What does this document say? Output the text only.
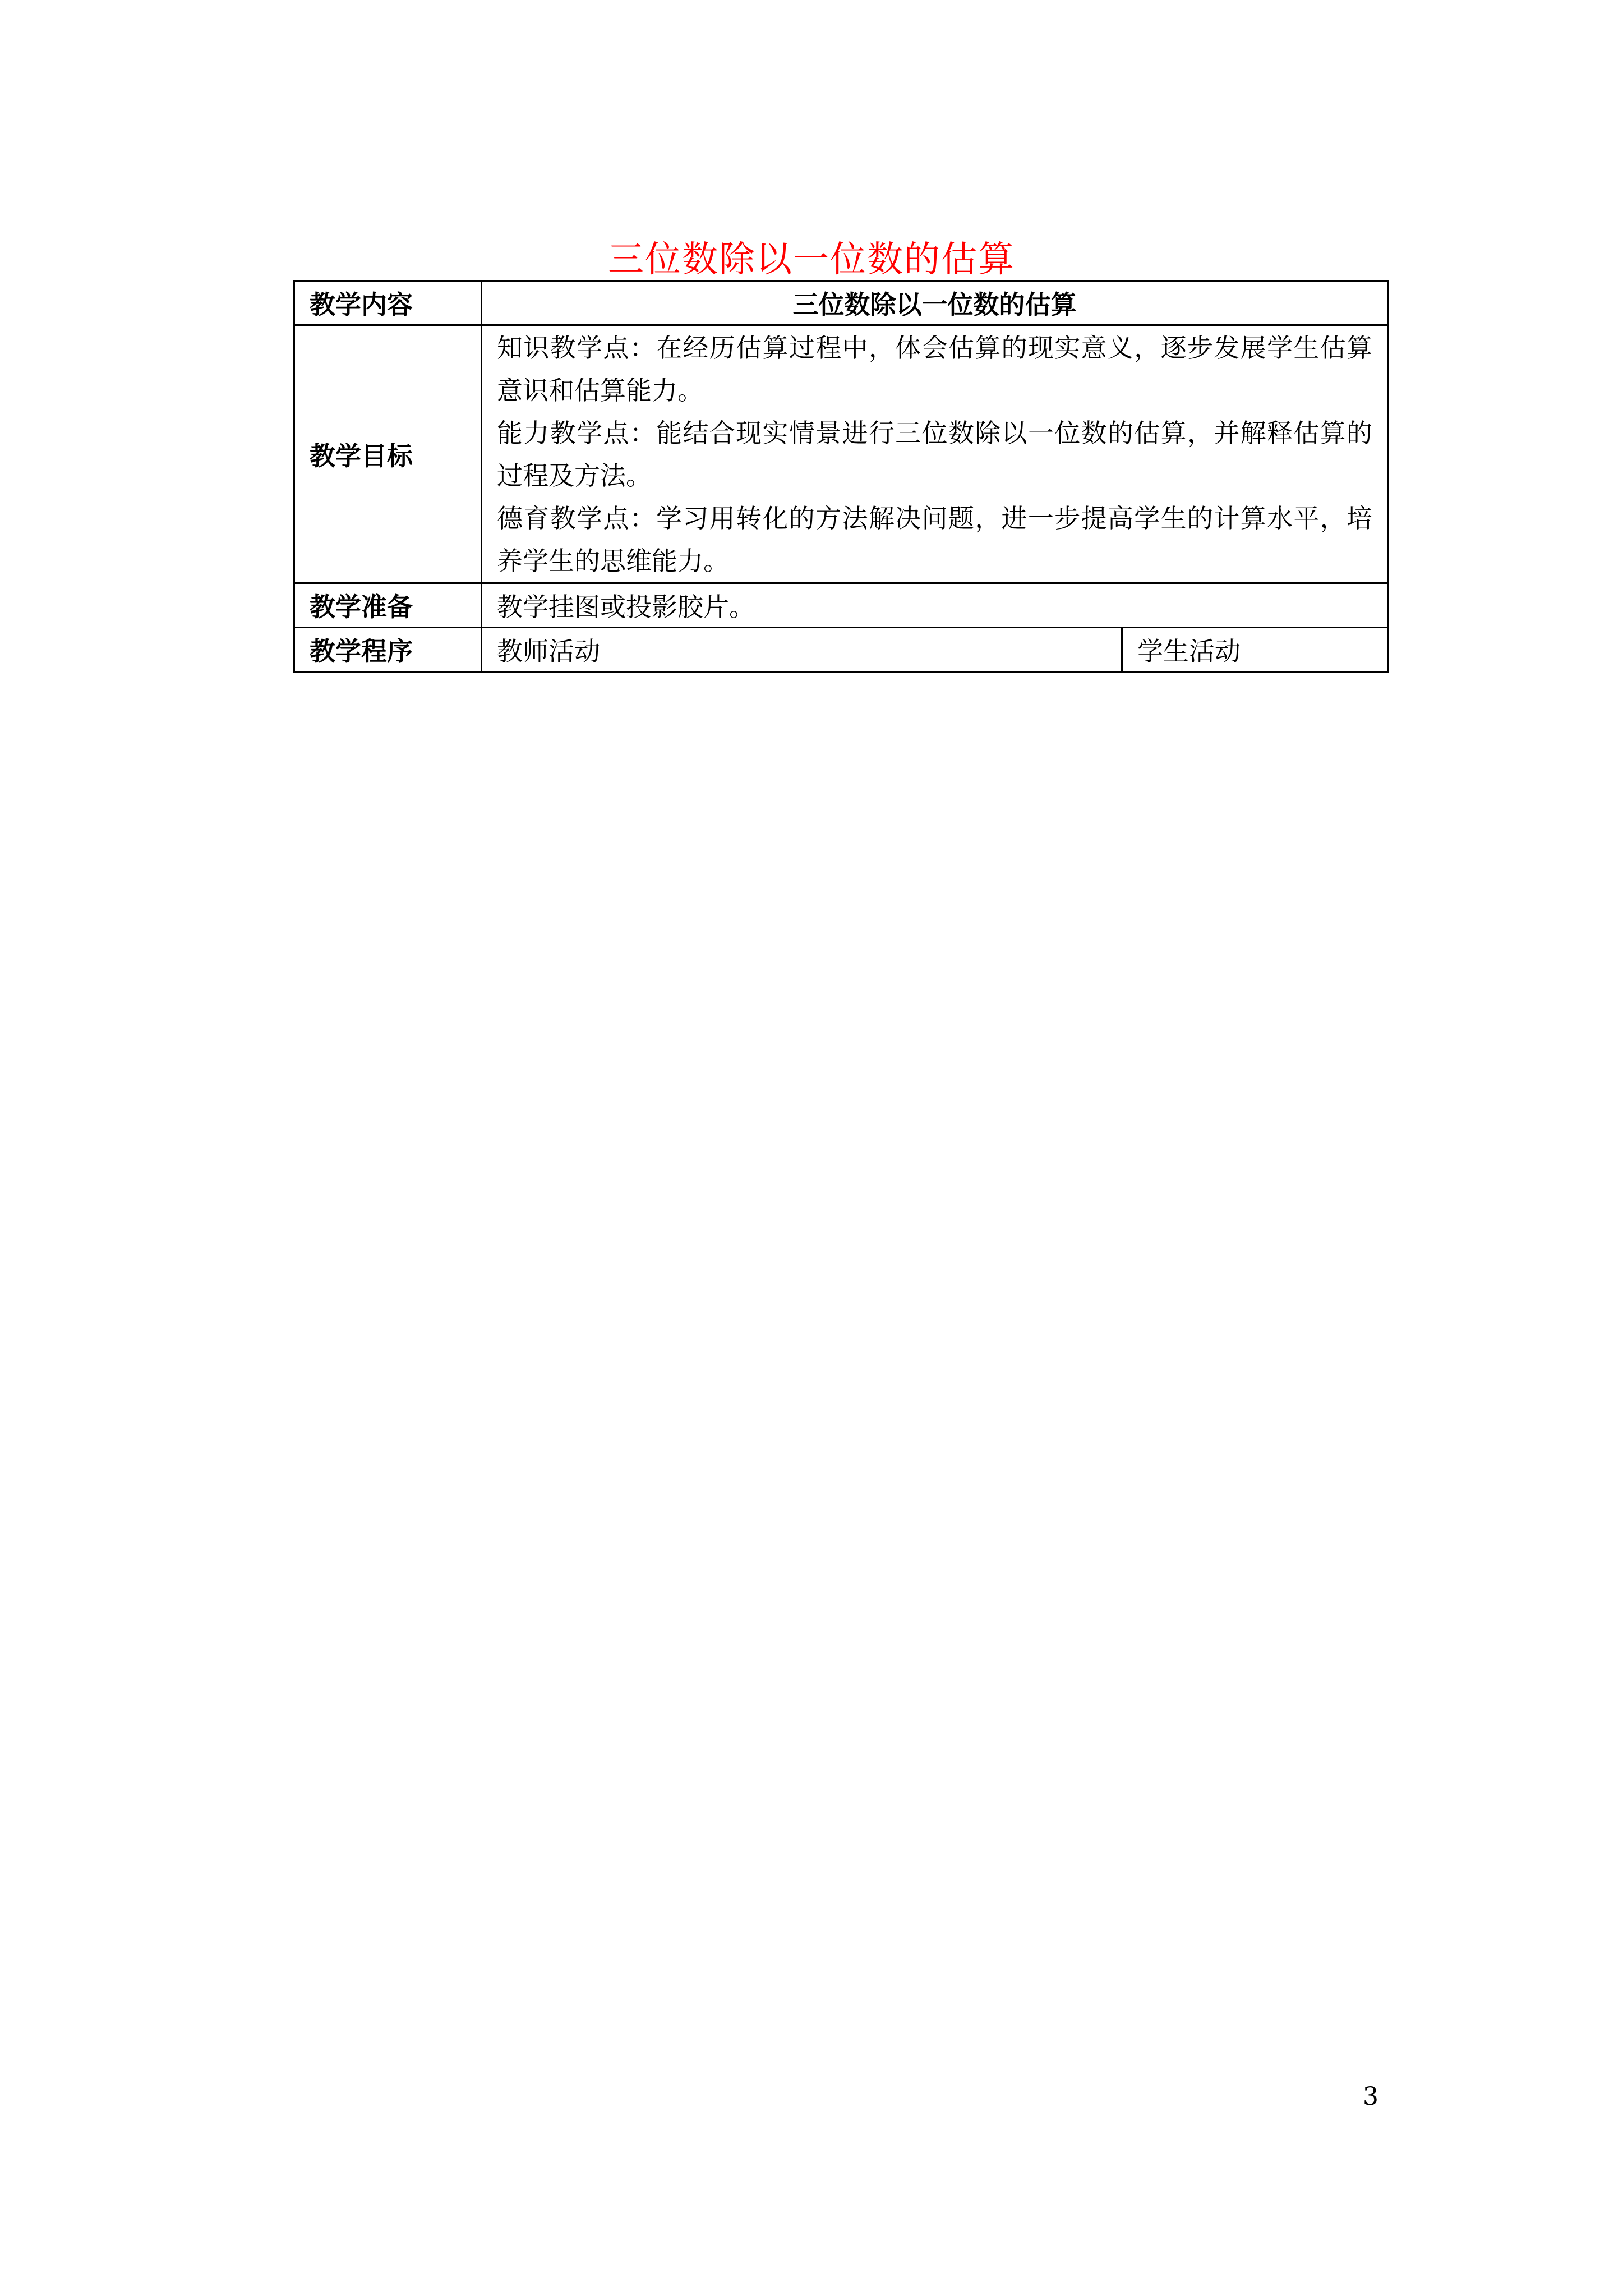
三位数除以一位数的估算
教学内容	三位数除以一位数的估算	
教学目标	知识教学点：在经历估算过程中，体会估算的现实意义，逐步发展学生估算意识和估算能力。
能力教学点：能结合现实情景进行三位数除以一位数的估算，并解释估算的过程及方法。
德育教学点：学习用转化的方法解决问题，进一步提高学生的计算水平，培养学生的思维能力。	

教学准备	教学挂图或投影胶片。	
教学程序	教师活动	学生活动
3
